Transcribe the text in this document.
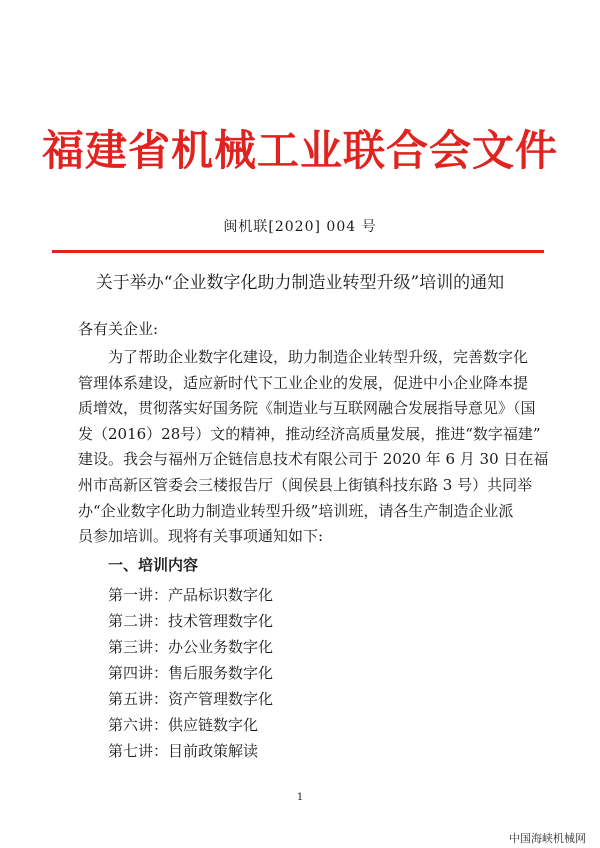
福建省机械工业联合会文件
闽机联[2020] 004 号
关于举办“企业数字化助力制造业转型升级”培训的通知
各有关企业:
为了帮助企业数字化建设，助力制造企业转型升级，完善数字化
管理体系建设，适应新时代下工业企业的发展，促进中小企业降本提
质增效，贯彻落实好国务院《制造业与互联网融合发展指导意见》（国
发（2016）28号）文的精神，推动经济高质量发展，推进“数字福建”
建设。我会与福州万企链信息技术有限公司于 2020 年 6 月 30 日在福
州市高新区管委会三楼报告厅（闽侯县上街镇科技东路 3 号）共同举
办“企业数字化助力制造业转型升级”培训班，请各生产制造企业派
员参加培训。现将有关事项通知如下:
一、培训内容
第一讲：产品标识数字化
第二讲：技术管理数字化
第三讲：办公业务数字化
第四讲：售后服务数字化
第五讲：资产管理数字化
第六讲：供应链数字化
第七讲：目前政策解读
1
中国海峡机械网
